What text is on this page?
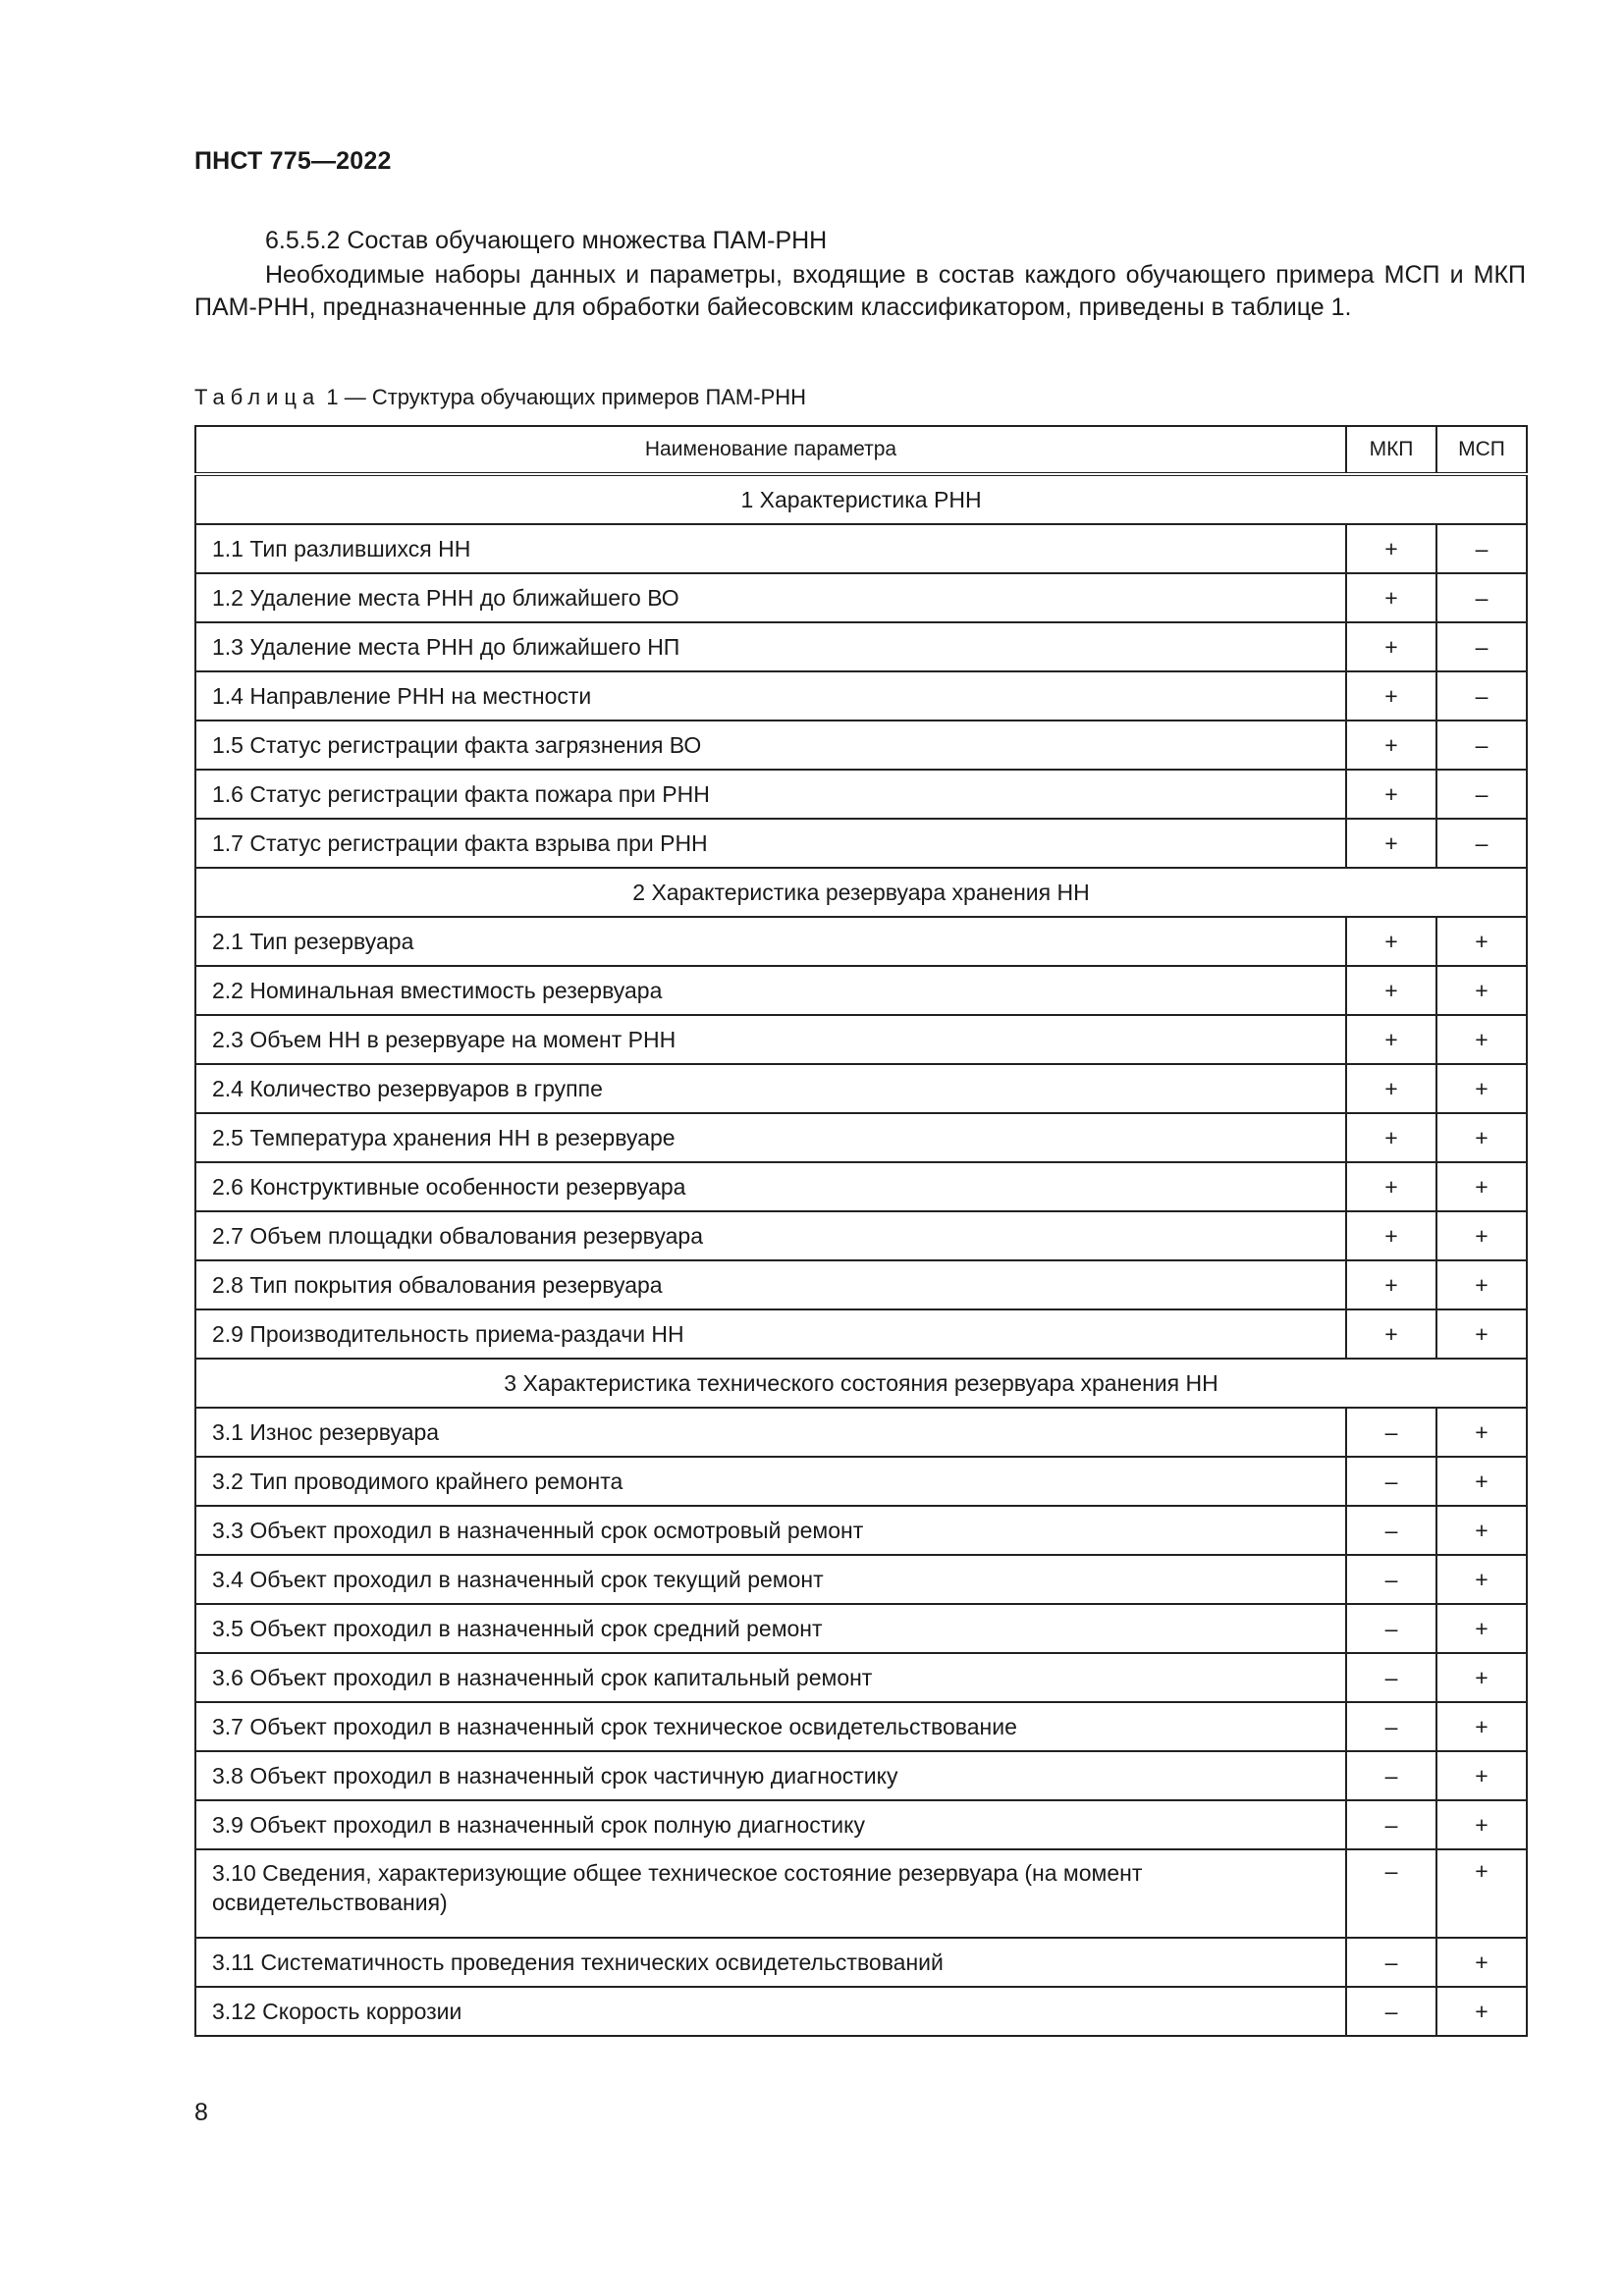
ПНСТ 775—2022
6.5.5.2 Состав обучающего множества ПАМ-РНН

Необходимые наборы данных и параметры, входящие в состав каждого обучающего примера МСП и МКП ПАМ-РНН, предназначенные для обработки байесовским классификатором, приведены в таблице 1.

Таблица 1 — Структура обучающих примеров ПАМ-РНН
Наименование параметра	МКП	МСП
1 Характеристика РНН		
1.1 Тип разлившихся НН	+	–
1.2 Удаление места РНН до ближайшего ВО	+	–
1.3 Удаление места РНН до ближайшего НП	+	–
1.4 Направление РНН на местности	+	–
1.5 Статус регистрации факта загрязнения ВО	+	–
1.6 Статус регистрации факта пожара при РНН	+	–
1.7 Статус регистрации факта взрыва при РНН	+	–
2 Характеристика резервуара хранения НН		
2.1 Тип резервуара	+	+
2.2 Номинальная вместимость резервуара	+	+
2.3 Объем НН в резервуаре на момент РНН	+	+
2.4 Количество резервуаров в группе	+	+
2.5 Температура хранения НН в резервуаре	+	+
2.6 Конструктивные особенности резервуара	+	+
2.7 Объем площадки обвалования резервуара	+	+
2.8 Тип покрытия обвалования резервуара	+	+
2.9 Производительность приема-раздачи НН	+	+
3 Характеристика технического состояния резервуара хранения НН		
3.1 Износ резервуара	–	+
3.2 Тип проводимого крайнего ремонта	–	+
3.3 Объект проходил в назначенный срок осмотровый ремонт	–	+
3.4 Объект проходил в назначенный срок текущий ремонт	–	+
3.5 Объект проходил в назначенный срок средний ремонт	–	+
3.6 Объект проходил в назначенный срок капитальный ремонт	–	+
3.7 Объект проходил в назначенный срок техническое освидетельствование	–	+
3.8 Объект проходил в назначенный срок частичную диагностику	–	+
3.9 Объект проходил в назначенный срок полную диагностику	–	+
3.10 Сведения, характеризующие общее техническое состояние резервуара (на момент освидетельствования)	–	+
3.11 Систематичность проведения технических освидетельствований	–	+
3.12 Скорость коррозии	–	+
8
